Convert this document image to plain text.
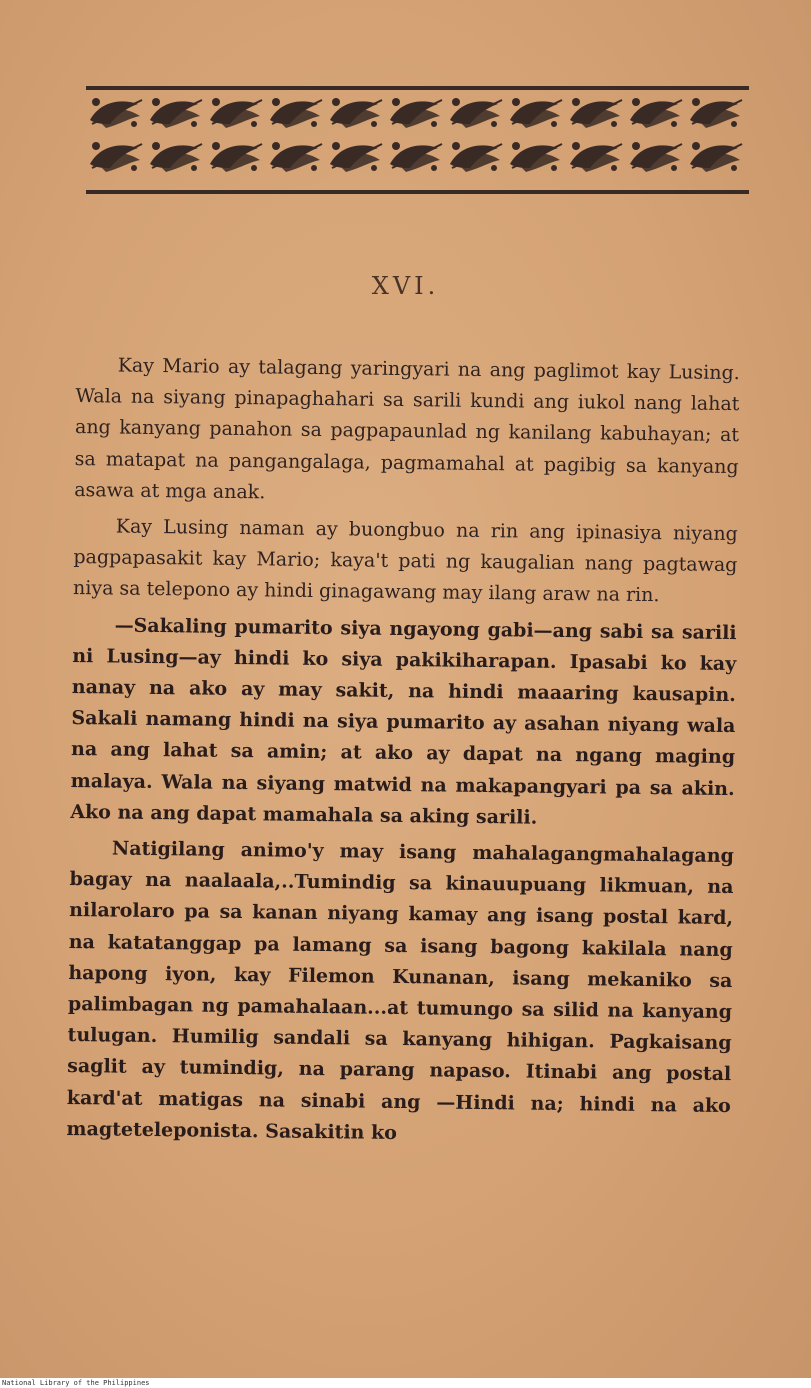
XVI.

Kay Mario ay talagang yaringyari na ang paglimot kay Lusing. Wala na siyang pinapaghahari sa sarili kundi ang iukol nang lahat ang kanyang panahon sa pagpapaunlad ng kanilang kabuhayan; at sa matapat na pangangalaga, pagmamahal at pagibig sa kanyang asawa at mga anak.

Kay Lusing naman ay buongbuo na rin ang ipinasiya niyang pagpapasakit kay Mario; kaya't pati ng kaugalian nang pagtawag niya sa telepono ay hindi ginagawang may ilang araw na rin.

—Sakaling pumarito siya ngayong gabi—ang sabi sa sarili ni Lusing—ay hindi ko siya pakikiharapan. Ipasabi ko kay nanay na ako ay may sakit, na hindi maaaring kausapin. Sakali namang hindi na siya pumarito ay asahan niyang wala na ang lahat sa amin; at ako ay dapat na ngang maging malaya. Wala na siyang matwid na makapangyari pa sa akin. Ako na ang dapat mamahala sa aking sarili.

Natigilang animo'y may isang mahalagangmahalagang bagay na naalaala,..Tumindig sa kinauupuang likmuan, na nilarolaro pa sa kanan niyang kamay ang isang postal kard, na katatanggap pa lamang sa isang bagong kakilala nang hapong iyon, kay Filemon Kunanan, isang mekaniko sa palimbagan ng pamahalaan...at tumungo sa silid na kanyang tulugan. Humilig sandali sa kanyang hihigan. Pagkaisang saglit ay tumindig, na parang napaso. Itinabi ang postal kard'at matigas na sinabi ang —Hindi na; hindi na ako magteteleponista. Sasakitin ko

National Library of the Philippines
